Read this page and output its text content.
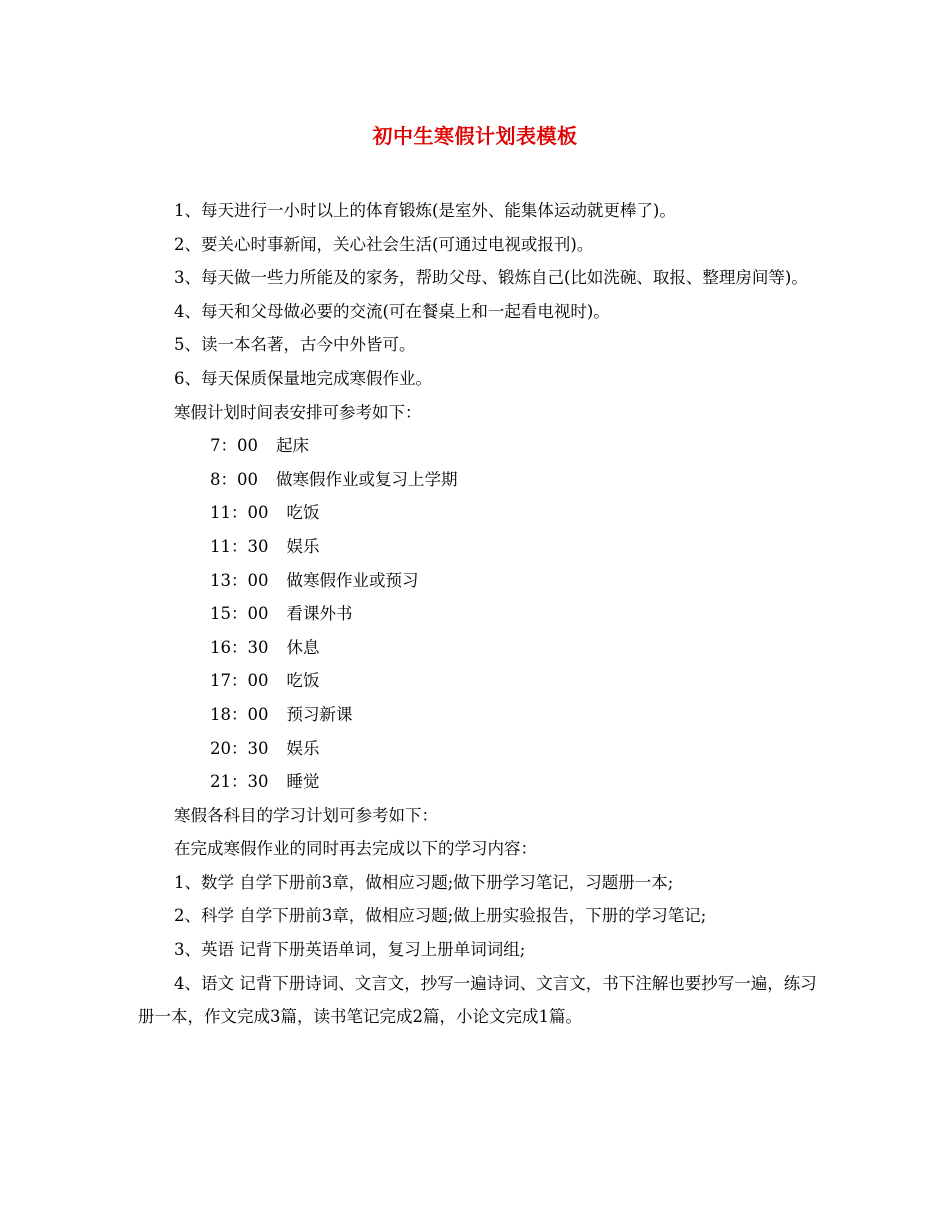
初中生寒假计划表模板

1、每天进行一小时以上的体育锻炼(是室外、能集体运动就更棒了)。

2、要关心时事新闻，关心社会生活(可通过电视或报刊)。

3、每天做一些力所能及的家务，帮助父母、锻炼自己(比如洗碗、取报、整理房间等)。

4、每天和父母做必要的交流(可在餐桌上和一起看电视时)。

5、读一本名著，古今中外皆可。

6、每天保质保量地完成寒假作业。

寒假计划时间表安排可参考如下：

7：00 起床
8：00 做寒假作业或复习上学期
11：00 吃饭
11：30 娱乐
13：00 做寒假作业或预习
15：00 看课外书
16：30 休息
17：00 吃饭
18：00 预习新课
20：30 娱乐
21：30 睡觉

寒假各科目的学习计划可参考如下：

在完成寒假作业的同时再去完成以下的学习内容：

1、数学 自学下册前3章，做相应习题;做下册学习笔记，习题册一本;

2、科学 自学下册前3章，做相应习题;做上册实验报告，下册的学习笔记;

3、英语 记背下册英语单词，复习上册单词词组;

4、语文 记背下册诗词、文言文，抄写一遍诗词、文言文，书下注解也要抄写一遍，练习册一本，作文完成3篇，读书笔记完成2篇，小论文完成1篇。
